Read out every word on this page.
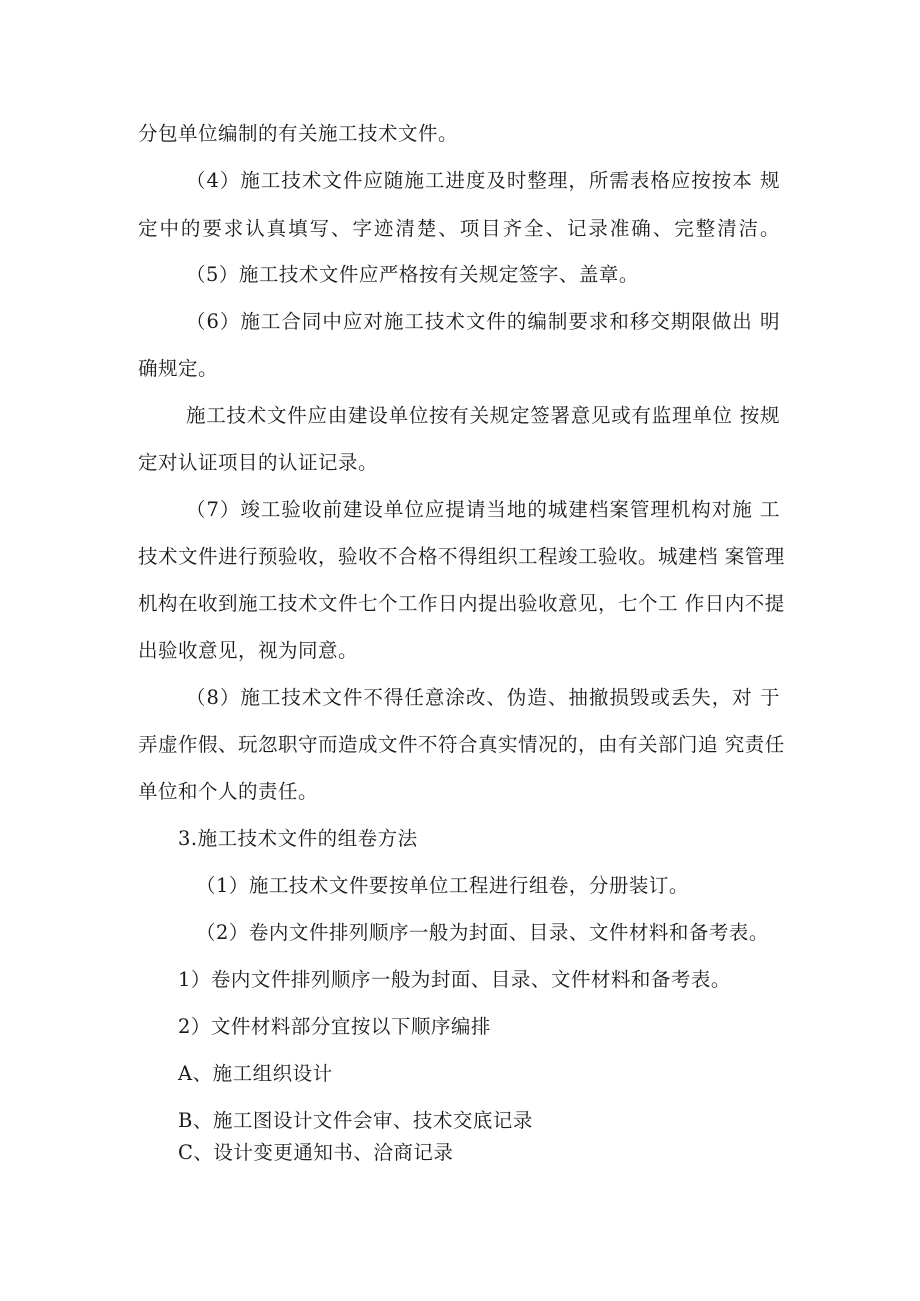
分包单位编制的有关施工技术文件。

（4）施工技术文件应随施工进度及时整理，所需表格应按按本 规

定中的要求认真填写、字迹清楚、项目齐全、记录准确、完整清洁。

（5）施工技术文件应严格按有关规定签字、盖章。

（6）施工合同中应对施工技术文件的编制要求和移交期限做出 明

确规定。

施工技术文件应由建设单位按有关规定签署意见或有监理单位 按规

定对认证项目的认证记录。

（7）竣工验收前建设单位应提请当地的城建档案管理机构对施 工

技术文件进行预验收，验收不合格不得组织工程竣工验收。城建档 案管理

机构在收到施工技术文件七个工作日内提出验收意见，七个工 作日内不提

出验收意见，视为同意。

（8）施工技术文件不得任意涂改、伪造、抽撤损毁或丢失，对 于

弄虚作假、玩忽职守而造成文件不符合真实情况的，由有关部门追 究责任

单位和个人的责任。

3.施工技术文件的组卷方法

（1）施工技术文件要按单位工程进行组卷，分册装订。

（2）卷内文件排列顺序一般为封面、目录、文件材料和备考表。

1）卷内文件排列顺序一般为封面、目录、文件材料和备考表。

2）文件材料部分宜按以下顺序编排

A、施工组织设计

B、施工图设计文件会审、技术交底记录

C、设计变更通知书、洽商记录
